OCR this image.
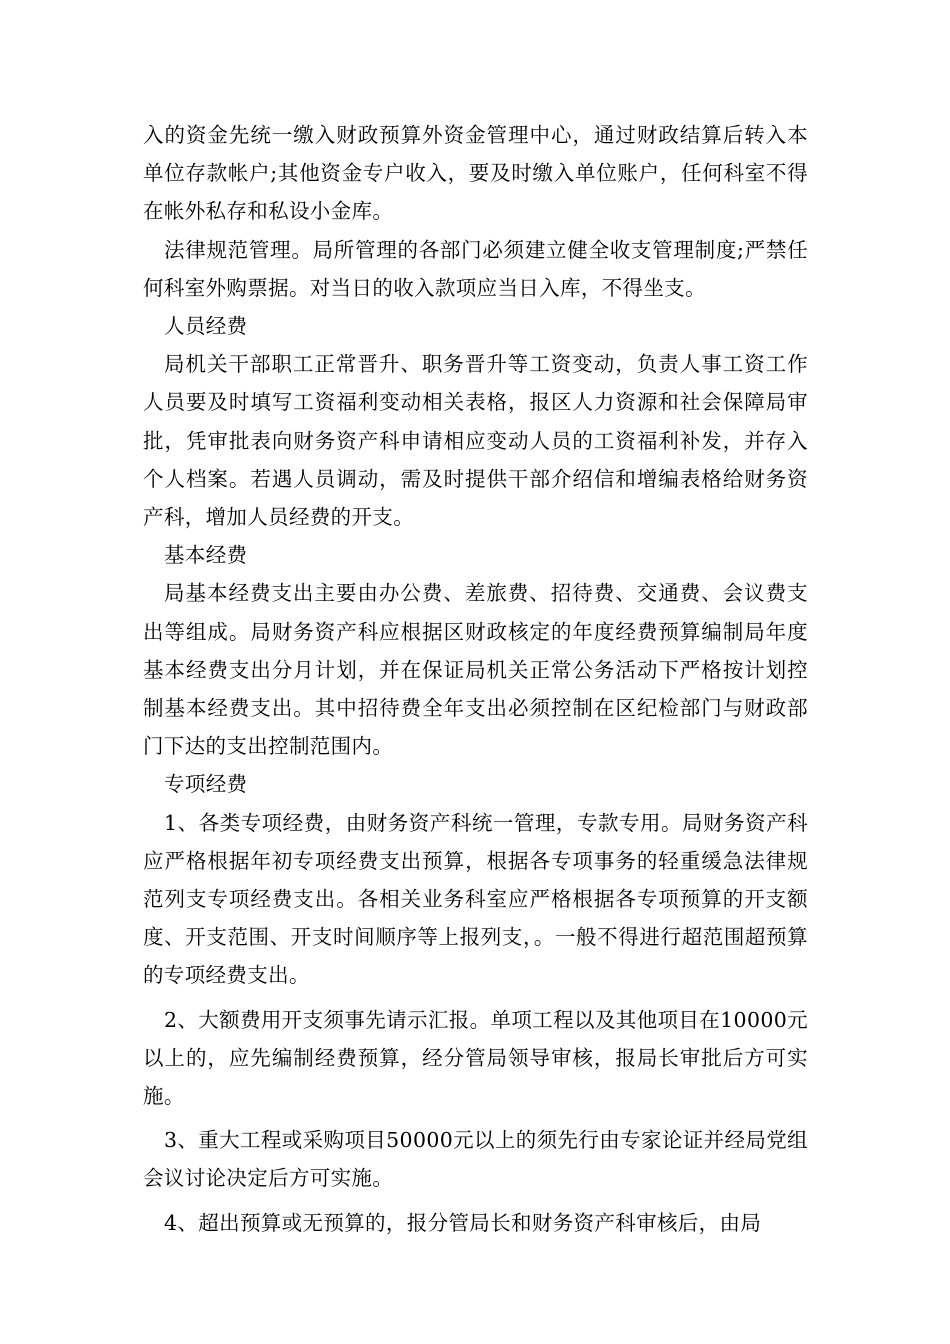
入的资金先统一缴入财政预算外资金管理中心，通过财政结算后转入本单位存款帐户;其他资金专户收入，要及时缴入单位账户，任何科室不得在帐外私存和私设小金库。

法律规范管理。局所管理的各部门必须建立健全收支管理制度;严禁任何科室外购票据。对当日的收入款项应当日入库，不得坐支。

人员经费

局机关干部职工正常晋升、职务晋升等工资变动，负责人事工资工作人员要及时填写工资福利变动相关表格，报区人力资源和社会保障局审批，凭审批表向财务资产科申请相应变动人员的工资福利补发，并存入个人档案。若遇人员调动，需及时提供干部介绍信和增编表格给财务资产科，增加人员经费的开支。

基本经费

局基本经费支出主要由办公费、差旅费、招待费、交通费、会议费支出等组成。局财务资产科应根据区财政核定的年度经费预算编制局年度基本经费支出分月计划，并在保证局机关正常公务活动下严格按计划控制基本经费支出。其中招待费全年支出必须控制在区纪检部门与财政部门下达的支出控制范围内。

专项经费

1、各类专项经费，由财务资产科统一管理，专款专用。局财务资产科应严格根据年初专项经费支出预算，根据各专项事务的轻重缓急法律规范列支专项经费支出。各相关业务科室应严格根据各专项预算的开支额度、开支范围、开支时间顺序等上报列支，。一般不得进行超范围超预算的专项经费支出。

2、大额费用开支须事先请示汇报。单项工程以及其他项目在10000元以上的，应先编制经费预算，经分管局领导审核，报局长审批后方可实施。

3、重大工程或采购项目50000元以上的须先行由专家论证并经局党组会议讨论决定后方可实施。

4、超出预算或无预算的，报分管局长和财务资产科审核后，由局
